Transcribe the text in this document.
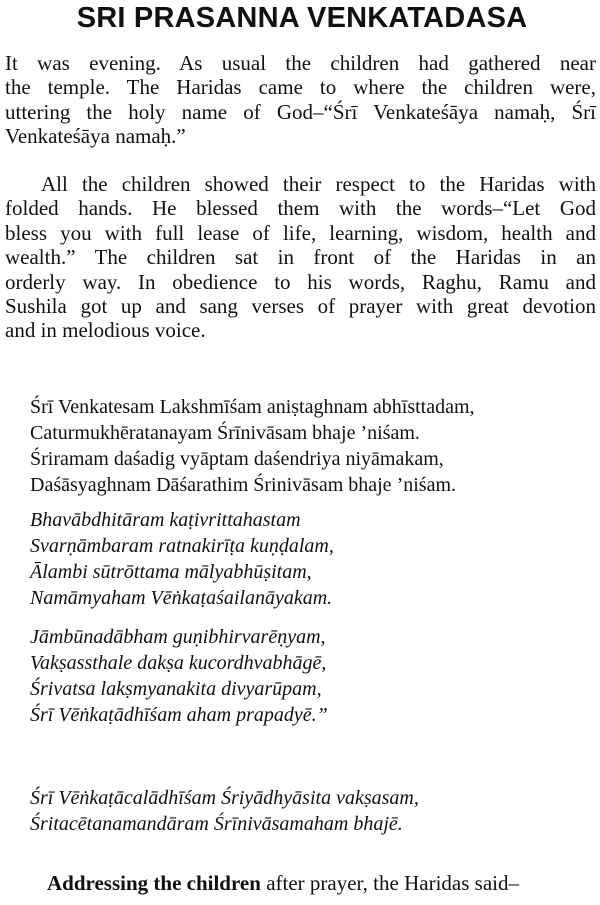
SRI PRASANNA VENKATADASA
It was evening. As usual the children had gathered near
the temple. The Haridas came to where the children were,
uttering the holy name of God–“Śrī Venkateśāya namaḥ, Śrī
Venkateśāya namaḥ.”
All the children showed their respect to the Haridas with
folded hands. He blessed them with the words–“Let God
bless you with full lease of life, learning, wisdom, health and
wealth.” The children sat in front of the Haridas in an
orderly way. In obedience to his words, Raghu, Ramu and
Sushila got up and sang verses of prayer with great devotion
and in melodious voice.
Śrī Venkatesam Lakshmīśam aniṣtaghnam abhīsttadam,
Caturmukhēratanayam Śrīnivāsam bhaje ’niśam.
Śriramam daśadig vyāptam daśendriya niyāmakam,
Daśāsyaghnam Dāśarathim Śrinivāsam bhaje ’niśam.
Bhavābdhitāram kaṭivrittahastam
Svarṇāmbaram ratnakirīṭa kuṇḍalam,
Ālambi sūtrōttama mālyabhūṣitam,
Namāmyaham Vēṅkaṭaśailanāyakam.
Jāmbūnadābham guṇibhirvarēṇyam,
Vakṣassthale dakṣa kucordhvabhāgē,
Śrivatsa lakṣmyanakita divyarūpam,
Śrī Vēṅkaṭādhīśam aham prapadyē.”
Śrī Vēṅkaṭācalādhīśam Śriyādhyāsita vakṣasam,
Śritacētanamandāram Śrīnivāsamaham bhajē.
Addressing the children after prayer, the Haridas said–
